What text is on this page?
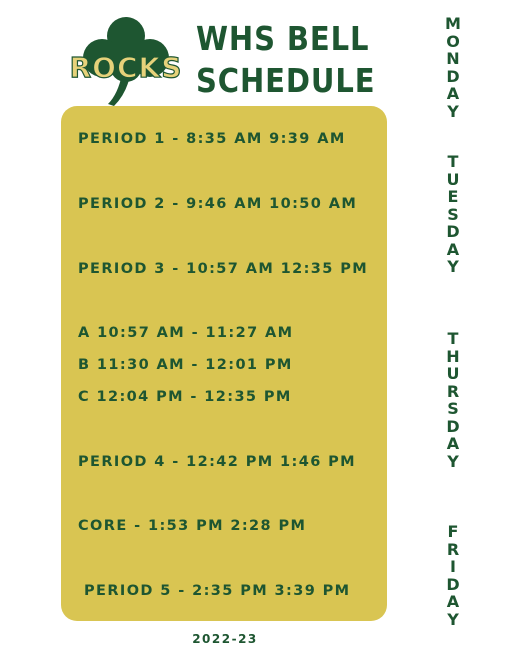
ROCKS
WHS BELL
SCHEDULE
PERIOD 1 - 8:35 AM 9:39 AM
PERIOD 2 - 9:46 AM 10:50 AM
PERIOD 3 - 10:57 AM 12:35 PM
A 10:57 AM - 11:27 AM
B 11:30 AM - 12:01 PM
C 12:04 PM - 12:35 PM
PERIOD 4 - 12:42 PM 1:46 PM
CORE - 1:53 PM 2:28 PM
PERIOD 5 - 2:35 PM 3:39 PM
2022-23
M
O
N
D
A
Y
T
U
E
S
D
A
Y
T
H
U
R
S
D
A
Y
F
R
I
D
A
Y
